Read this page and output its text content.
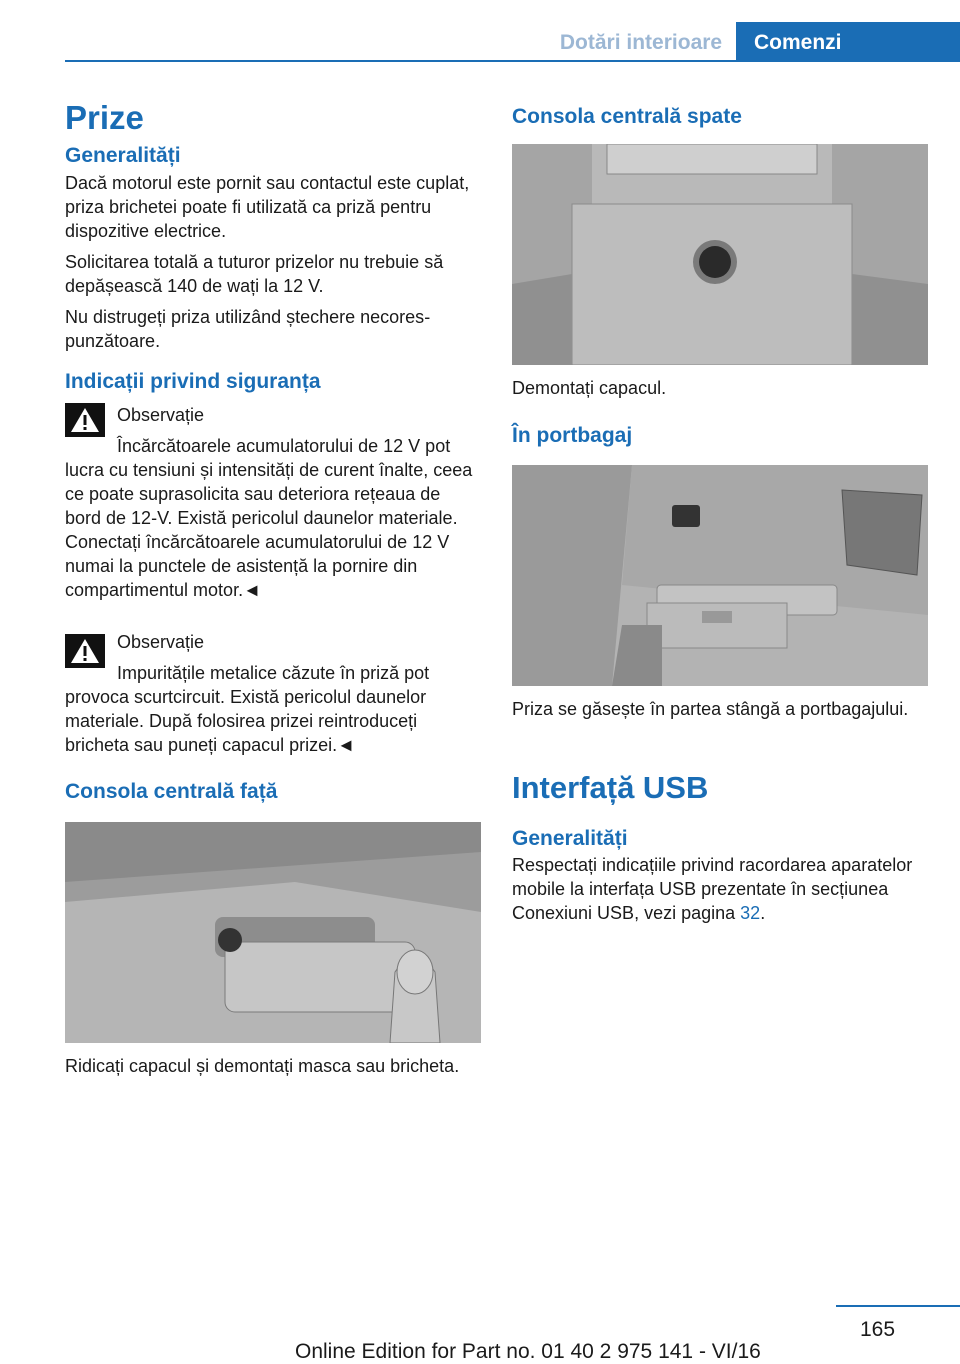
Dotări interioare	Comenzi
Prize
Generalități

Dacă motorul este pornit sau contactul este cuplat, priza brichetei poate fi utilizată ca priză pentru dispozitive electrice.

Solicitarea totală a tuturor prizelor nu trebuie să depășească 140 de wați la 12 V.

Nu distrugeți priza utilizând ștechere necorespunzătoare.

Indicații privind siguranța

Observație

Încărcătoarele acumulatorului de 12 V pot lucra cu tensiuni și intensități de curent înalte, ceea ce poate suprasolicita sau deteriora rețeaua de bord de 12-V. Există pericolul daunelor materiale. Conectați încărcătoarele acumulatorului de 12 V numai la punctele de asistență la pornire din compartimentul motor.◄

Observație

Impuritățile metalice căzute în priză pot provoca scurtcircuit. Există pericolul daunelor materiale. După folosirea prizei reintroduceți bricheta sau puneți capacul prizei.◄

Consola centrală față

Ridicați capacul și demontați masca sau bricheta.

Consola centrală spate

Demontați capacul.

În portbagaj

Priza se găsește în partea stângă a portbagajului.

Interfață USB
Generalități

Respectați indicațiile privind racordarea aparatelor mobile la interfața USB prezentate în secțiunea Conexiuni USB, vezi pagina 32.

165
Online Edition for Part no. 01 40 2 975 141 - VI/16
